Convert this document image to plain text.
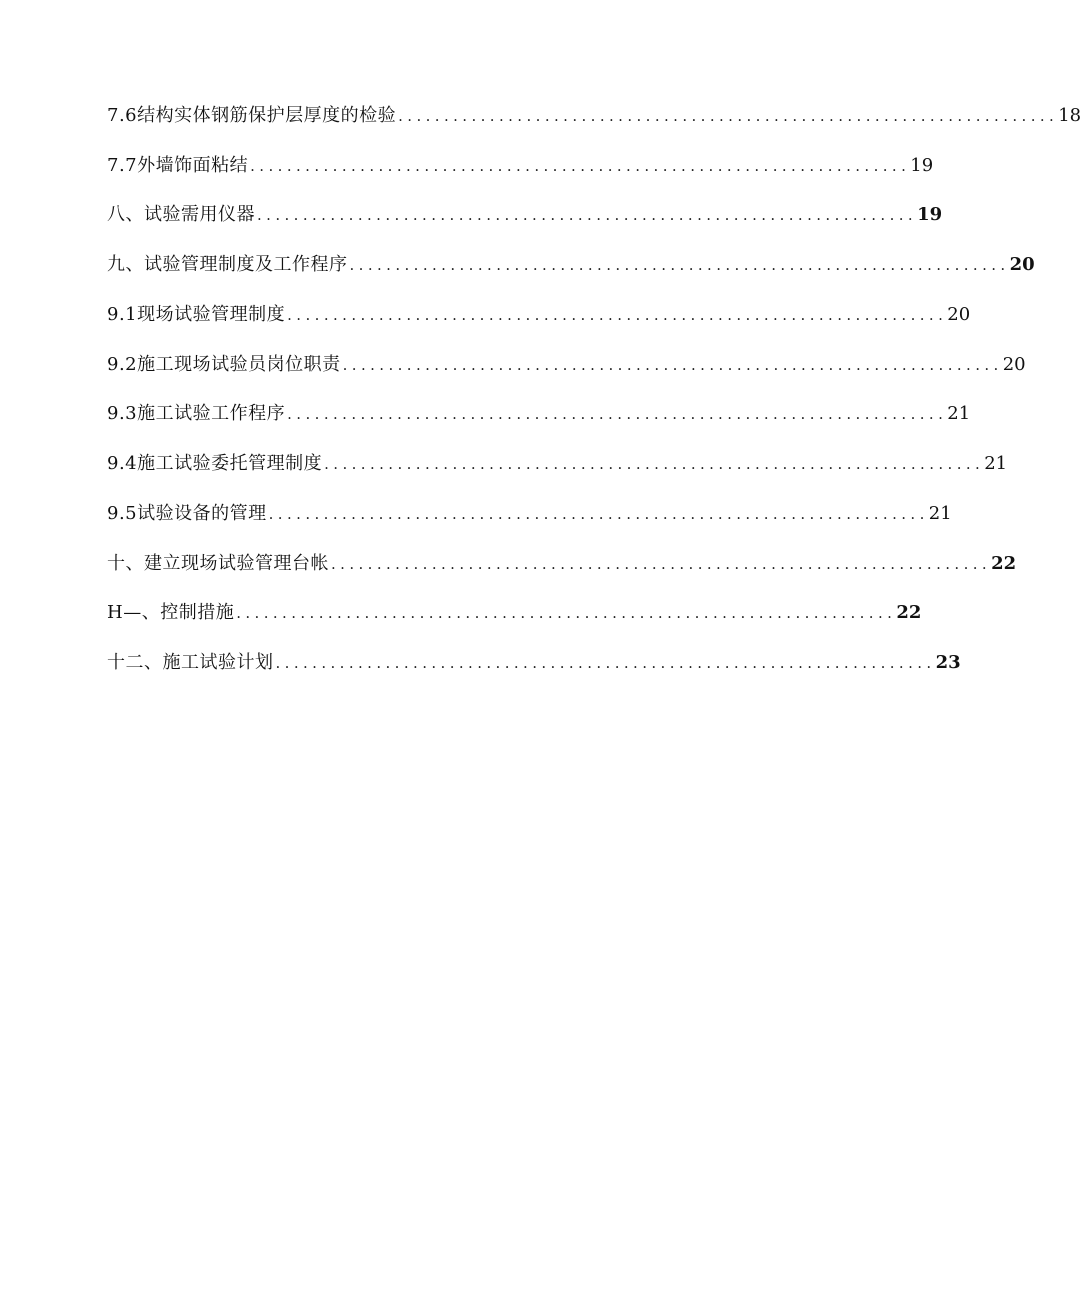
7.6结构实体钢筋保护层厚度的检验 ........................................................................ 18
7.7外墙饰面粘结 ........................................................................ 19
八、试验需用仪器 ........................................................................ 19
九、试验管理制度及工作程序 ........................................................................ 20
9.1现场试验管理制度 ........................................................................ 20
9.2施工现场试验员岗位职责 ........................................................................ 20
9.3施工试验工作程序 ........................................................................ 21
9.4施工试验委托管理制度 ........................................................................ 21
9.5试验设备的管理 ........................................................................ 21
十、建立现场试验管理台帐 ........................................................................ 22
H—、控制措施 ........................................................................ 22
十二、施工试验计划 ........................................................................ 23
